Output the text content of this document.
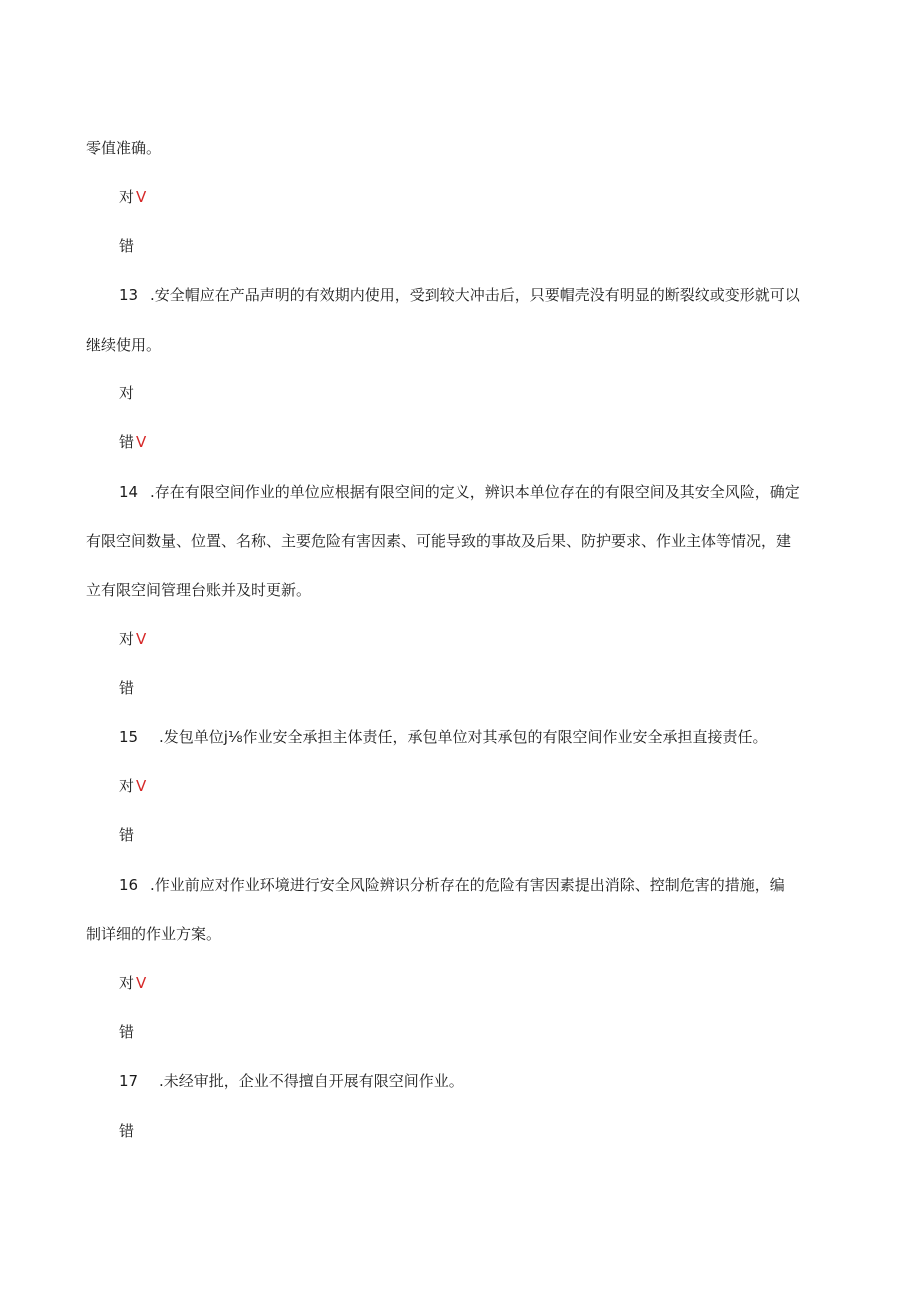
零值准确。
对 V
错
13 .安全帽应在产品声明的有效期内使用，受到较大冲击后，只要帽壳没有明显的断裂纹或变形就可以
继续使用。
对
错 V
14 .存在有限空间作业的单位应根据有限空间的定义，辨识本单位存在的有限空间及其安全风险，确定
有限空间数量、位置、名称、主要危险有害因素、可能导致的事故及后果、防护要求、作业主体等情况，建
立有限空间管理台账并及时更新。
对 V
错
15 .发包单位j⅛作业安全承担主体责任，承包单位对其承包的有限空间作业安全承担直接责任。
对 V
错
16 .作业前应对作业环境进行安全风险辨识分析存在的危险有害因素提出消除、控制危害的措施，编
制详细的作业方案。
对 V
错
17 .未经审批，企业不得擅自开展有限空间作业。
错
